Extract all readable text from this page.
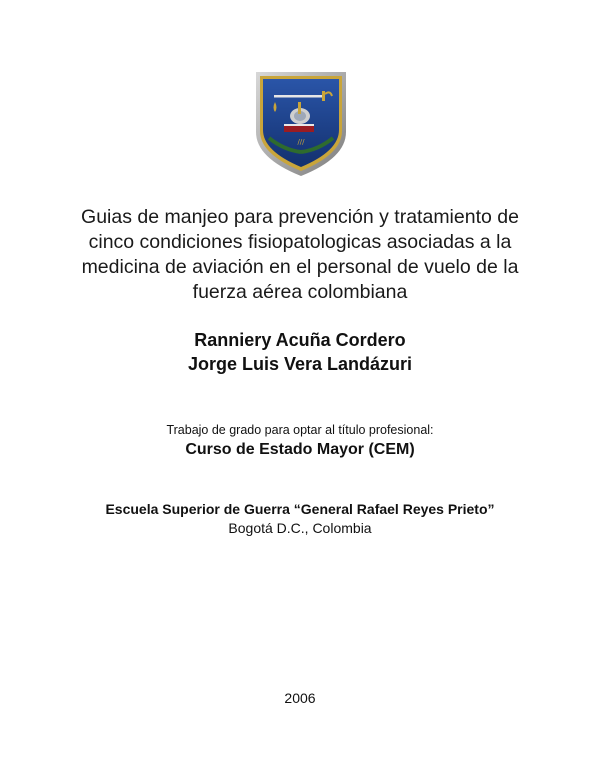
///
Guias de manjeo para prevención y tratamiento de
cinco condiciones fisiopatologicas asociadas a la
medicina de aviación en el personal de vuelo de la
fuerza aérea colombiana
Ranniery Acuña Cordero
Jorge Luis Vera Landázuri
Trabajo de grado para optar al título profesional:
Curso de Estado Mayor (CEM)
Escuela Superior de Guerra “General Rafael Reyes Prieto”
Bogotá D.C., Colombia
2006
